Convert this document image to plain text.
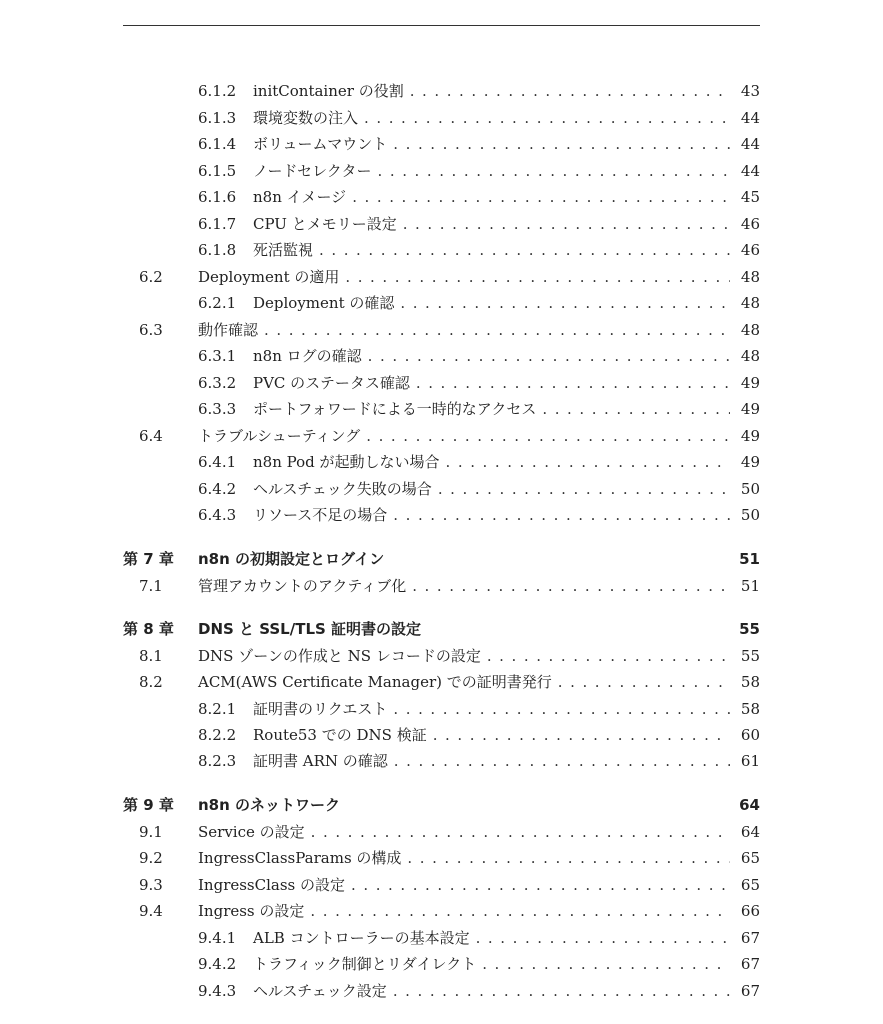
6.1.2 initContainer の役割 . . .	43
6.1.3 環境変数の注入 . . .	44
6.1.4 ボリュームマウント . . .	44
6.1.5 ノードセレクター . . .	44
6.1.6 n8n イメージ . . .	45
6.1.7 CPU とメモリー設定 . . .	46
6.1.8 死活監視 . . .	46
6.2 Deployment の適用 . . .	48
6.2.1 Deployment の確認 . . .	48
6.3 動作確認 . . .	48
6.3.1 n8n ログの確認 . . .	48
6.3.2 PVC のステータス確認 . . .	49
6.3.3 ポートフォワードによる一時的なアクセス . . .	49
6.4 トラブルシューティング . . .	49
6.4.1 n8n Pod が起動しない場合 . . .	49
6.4.2 ヘルスチェック失敗の場合 . . .	50
6.4.3 リソース不足の場合 . . .	50
第 7 章 n8n の初期設定とログイン	51
7.1 管理アカウントのアクティブ化 . . .	51
第 8 章 DNS と SSL/TLS 証明書の設定	55
8.1 DNS ゾーンの作成と NS レコードの設定 . . .	55
8.2 ACM(AWS Certificate Manager) での証明書発行 . . .	58
8.2.1 証明書のリクエスト . . .	58
8.2.2 Route53 での DNS 検証 . . .	60
8.2.3 証明書 ARN の確認 . . .	61
第 9 章 n8n のネットワーク	64
9.1 Service の設定 . . .	64
9.2 IngressClassParams の構成 . . .	65
9.3 IngressClass の設定 . . .	65
9.4 Ingress の設定 . . .	66
9.4.1 ALB コントローラーの基本設定 . . .	67
9.4.2 トラフィック制御とリダイレクト . . .	67
9.4.3 ヘルスチェック設定 . . .	67
